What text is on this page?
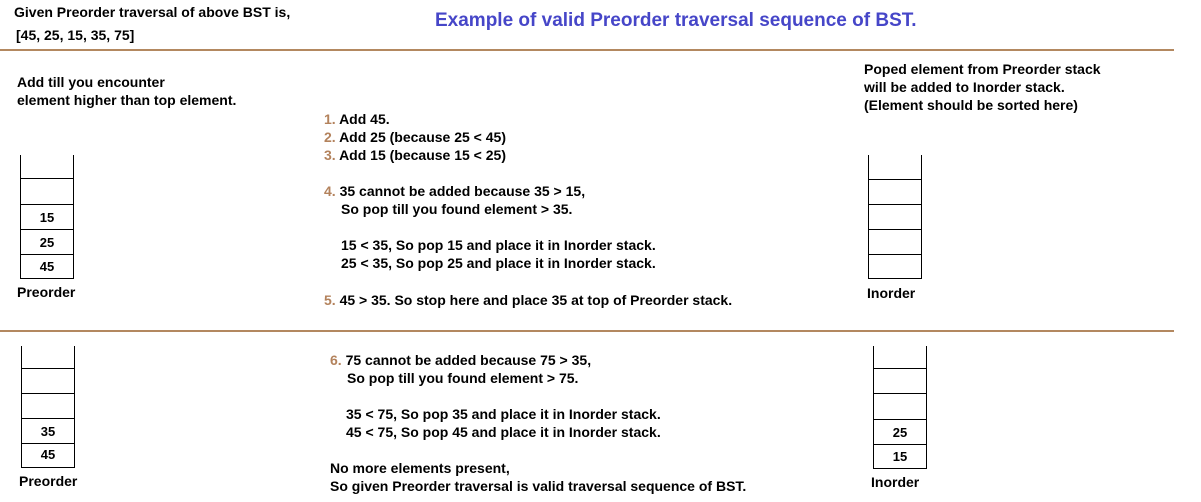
Given Preorder traversal of above BST is,
[45, 25, 15, 35, 75]
Example of valid Preorder traversal sequence of BST.
Add till you encounter
element higher than top element.
Poped element from Preorder stack
will be added to Inorder stack.
(Element should be sorted here)
1. Add 45.
2. Add 25 (because 25 < 45)
3. Add 15 (because 15 < 25)
4. 35 cannot be added because 35 > 15,
So pop till you found element > 35.
15 < 35, So pop 15 and place it in Inorder stack.
25 < 35, So pop 25 and place it in Inorder stack.
5. 45 > 35. So stop here and place 35 at top of Preorder stack.
15
25
45
Preorder	Inorder
6. 75 cannot be added because 75 > 35,
So pop till you found element > 75.
35 < 75, So pop 35 and place it in Inorder stack.
45 < 75, So pop 45 and place it in Inorder stack.
No more elements present,
So given Preorder traversal is valid traversal sequence of BST.
35
45
Preorder
25
15
Inorder
